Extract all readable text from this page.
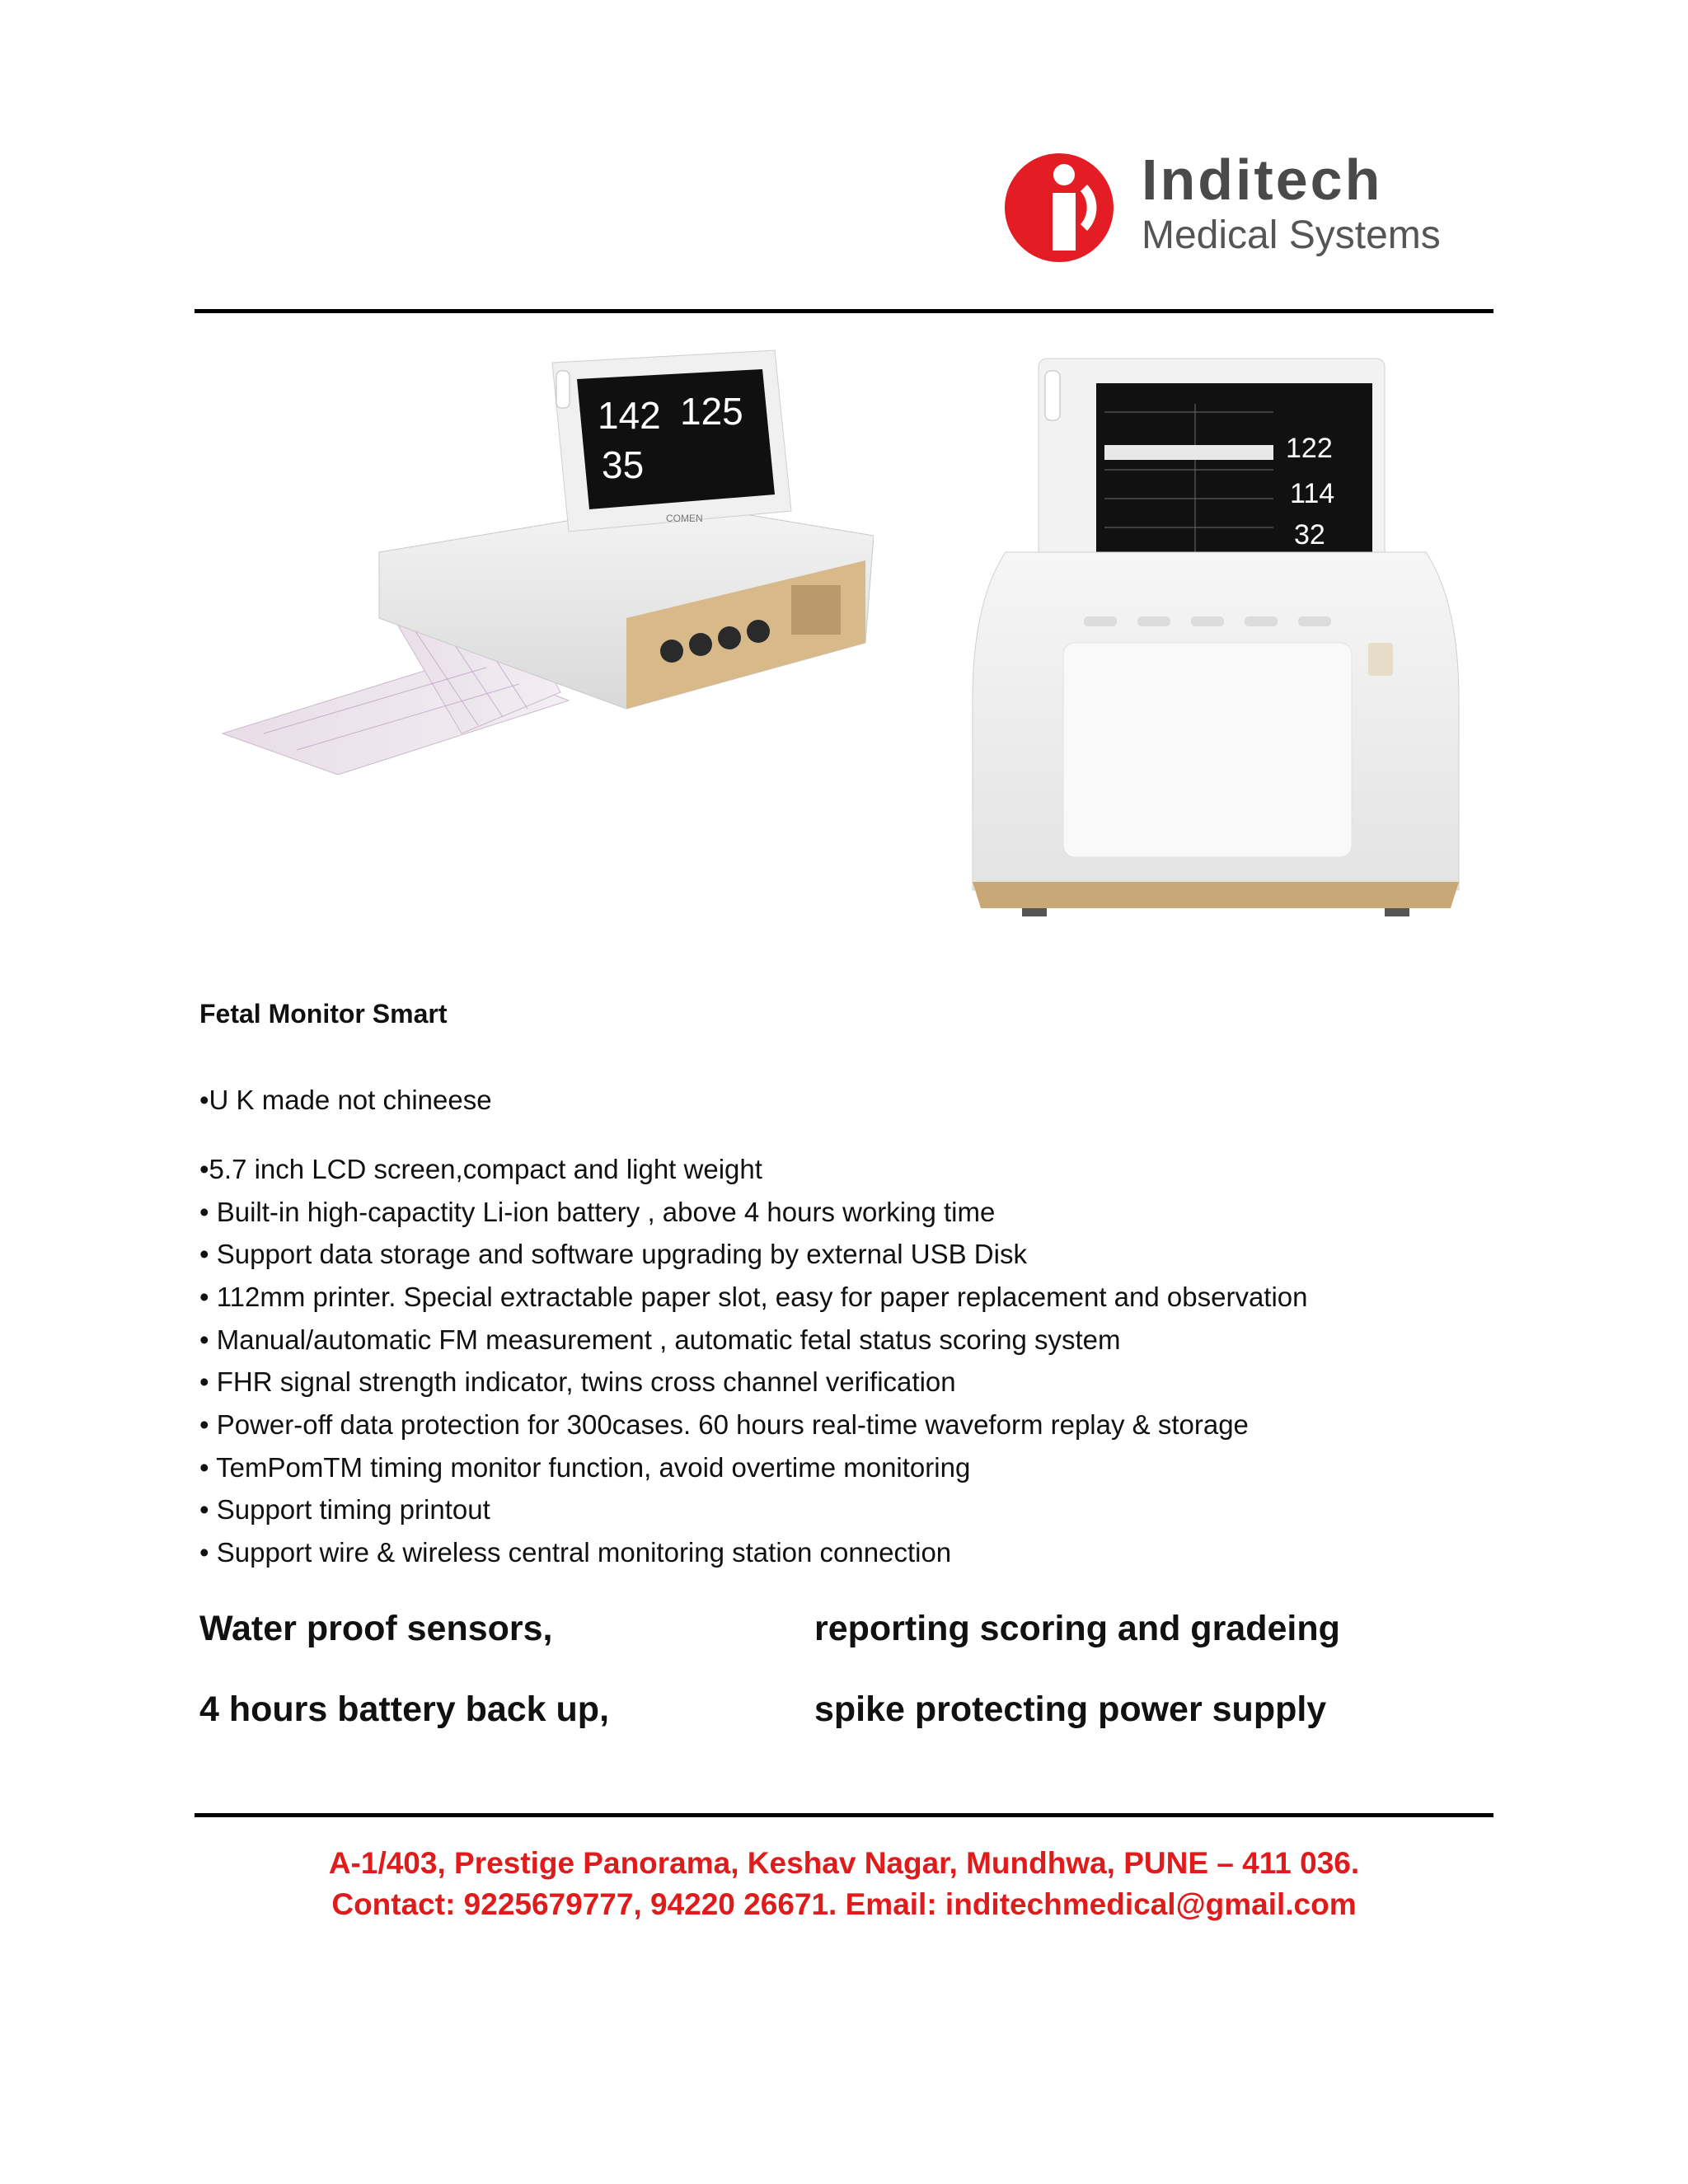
Inditech
Medical Systems
142 125
35
COMEN
122
114
32
Fetal Monitor Smart
•U K made not chineese
•5.7 inch LCD screen,compact and light weight
• Built-in high-capactity Li-ion battery , above 4 hours working time
• Support data storage and software upgrading by external USB Disk
• 112mm printer. Special extractable paper slot, easy for paper replacement and observation
• Manual/automatic FM measurement , automatic fetal status scoring system
• FHR signal strength indicator, twins cross channel verification
• Power-off data protection for 300cases. 60 hours real-time waveform replay & storage
• TemPomTM timing monitor function, avoid overtime monitoring
• Support timing printout
• Support wire & wireless central monitoring station connection
Water proof sensors,	reporting scoring and gradeing
4 hours battery back up,	spike protecting power supply
A-1/403, Prestige Panorama, Keshav Nagar, Mundhwa, PUNE – 411 036.
Contact: 9225679777, 94220 26671. Email: inditechmedical@gmail.com
